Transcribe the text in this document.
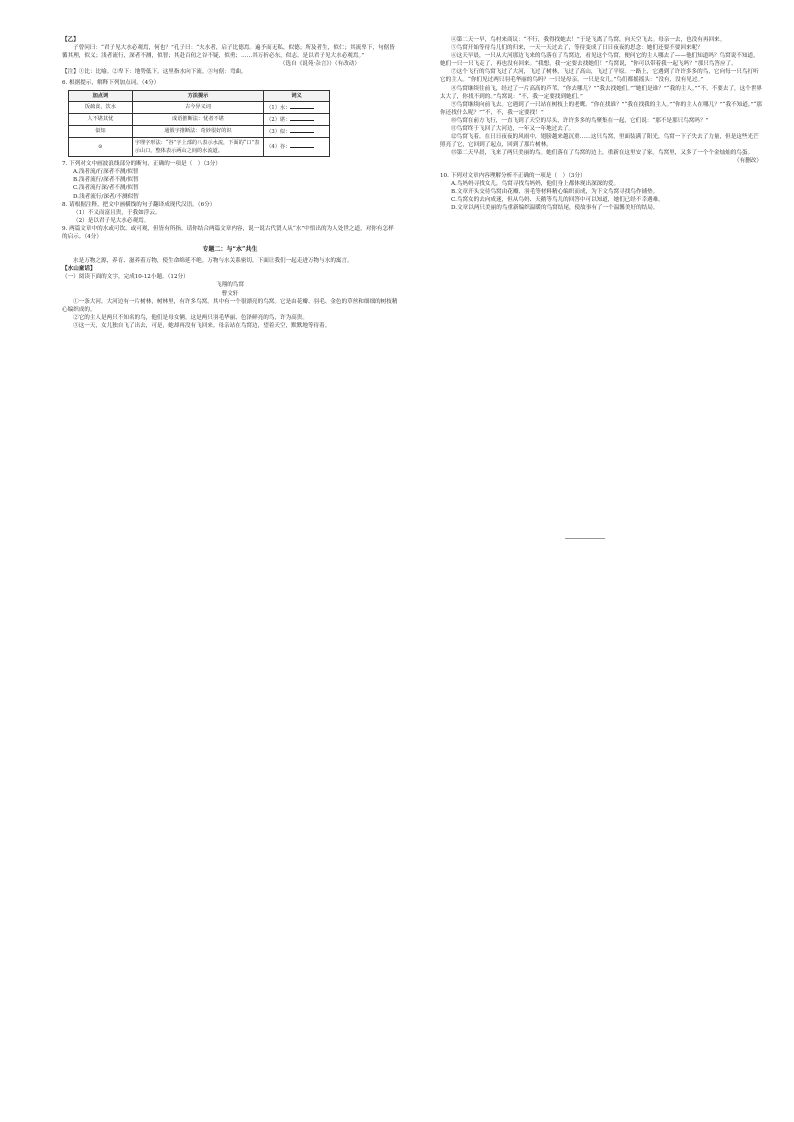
【乙】

子曾问曰：“君子见大水必观焉，何也？”孔子曰：“夫水者，启子比德焉。遍予而无私，似德；所及者生，似仁；其流卑下，句倨皆循其理，似义；浅者流行，深者不测，似智；其赴百仞之谷不疑，似勇；……其万折必东，似志。是以君子见大水必观焉。”

（选自《说苑·杂言》）（有改动）

【注】①比：比喻。②卑下：地势低下。这里指水向下流。③句倨：弯曲。

6. 根据提示，解释下列加点词。（4分）

加点词	方法提示	词义
饭疏食，饮水	古今异义词	（1）水：
人不堪其忧	成语推断法：忧者不堪	（2）堪：
似知	通假字推断法：奇妙很好的识	（3）似：
⊙	字理字形法：“谷”字上部的八表示水流，下面的“口”表示山口，整体表示两山之间的水流道。	（4）谷：

7. 下列对文中画波浪线部分的断句，正确的一项是（　）（3分）

A.浅者流/行深者不测/似智

B.浅者流行/深者不测/似智

C.浅者流行深/者不测/似智

D.浅者流行/深者/不测似智

8. 请根据注释，把文中画横线的句子翻译成现代汉语。（6分）

（1）不义而富且贵，于我如浮云。

（2）是以君子见大水必观焉。

9. 两篇文章中的水或可饮、或可观，但皆有所指。请你结合两篇文章内容，说一说古代贤人从“水”中悟出的为人处世之道，对你有怎样的启示。（4分）

专题二：与“水”共生

水是万物之源，养育、滋养着万物，使生命绵延不绝。万物与水关系密切，下面让我们一起走进万物与水的寓言。

【水山童话】

（一）阅读下面的文字，完成10-12小题。（12分）

飞翔的鸟窝

曹文轩

①一条大河，大河边有一片树林，树林里，有许多鸟窝。其中有一个很漂亮的鸟窝。它是由花瓣、羽毛、金色的草丝和细细的树枝精心编织成的。

②它的主人是两只不知名的鸟，他们是母女俩。这是两只羽毛华丽、色泽鲜亮的鸟，许为高贵。

③这一天，女儿独自飞了出去，可是，她却再没有飞回来。母亲站在鸟窝边，望着天空，默默地等待着。

④第二天一早，鸟村来商议：“不行，我得找她去！”于是飞离了鸟窝，向天空飞去。母亲一去，也没有再回来。

⑤鸟窝开始等待鸟儿们的归来，一天一天过去了，等待变成了日日夜夜的思念：她们还要不要回来呢？

⑥这天早晨，一只从大河那边飞来的鸟落在了鸟窝边，看见这个鸟窝，便问它的主人哪去了——他们知道吗？鸟窝说不知道，她们一只一只飞走了，再也没有回来。“我想，我一定要去找她们！”鸟窝说，“你可以带着我一起飞吗？”那只鸟答应了。

⑦这个飞行的鸟窝飞过了大河，飞过了树林，飞过了高山，飞过了平原。一路上，它遇到了许许多多的鸟，它向每一只鸟打听它的主人。“你们见过两只羽毛华丽的鸟吗？一只是母亲，一只是女儿。”鸟们都摇摇头：“没有，没有见过。”

⑧鸟窝继续往前飞，经过了一片高高的芦苇。“你去哪儿？”“我去找她们。”“她们是谁？”“我的主人。”“不，不要去了，这个世界太大了，你找不到的。”鸟窝说：“不，我一定要找到她们。”

⑨鸟窝继续向前飞去。它遇到了一只站在树枝上的老鹰。“你在找谁？”“我在找我的主人。”“你的主人在哪儿？”“我不知道。”“那你还找什么呢？”“不，不，我一定要找！”

⑩鸟窝在前方飞行，一直飞到了天空的尽头，许许多多的鸟聚集在一起，它们说：“那不是那只鸟窝吗？”

⑪鸟窝终于飞回了大河边，一年又一年地过去了。

⑫鸟窝飞着，在日日夜夜的风雨中，翅膀越来越沉重……这只鸟窝，里面装满了阳光，鸟窝一下子失去了力量，但是这些光芒照亮了它，它回到了起点，回到了那片树林。

⑬第二天早晨，飞来了两只美丽的鸟。她们落在了鸟窝的边上，重新在这里安了家。鸟窝里，又多了一个个金灿灿的鸟蛋。

（有删改）

10. 下列对文章内容理解分析不正确的一项是（　）（3分）

A.鸟妈妈寻找女儿，鸟窝寻找鸟妈妈，他们身上都体现出深深的爱。

B.文章开头交待鸟窝由花瓣、羽毛等材料精心编织而成，为下文鸟窝寻找鸟作铺垫。

C.鸟窝女的去向成迷，但从鸟妈、天鹅等鸟儿的回答中可以知道，她们已经不幸遇难。

D.文章以两只美丽的鸟重新编织温暖的鸟窝结尾，使故事有了一个温馨美好的结局。
